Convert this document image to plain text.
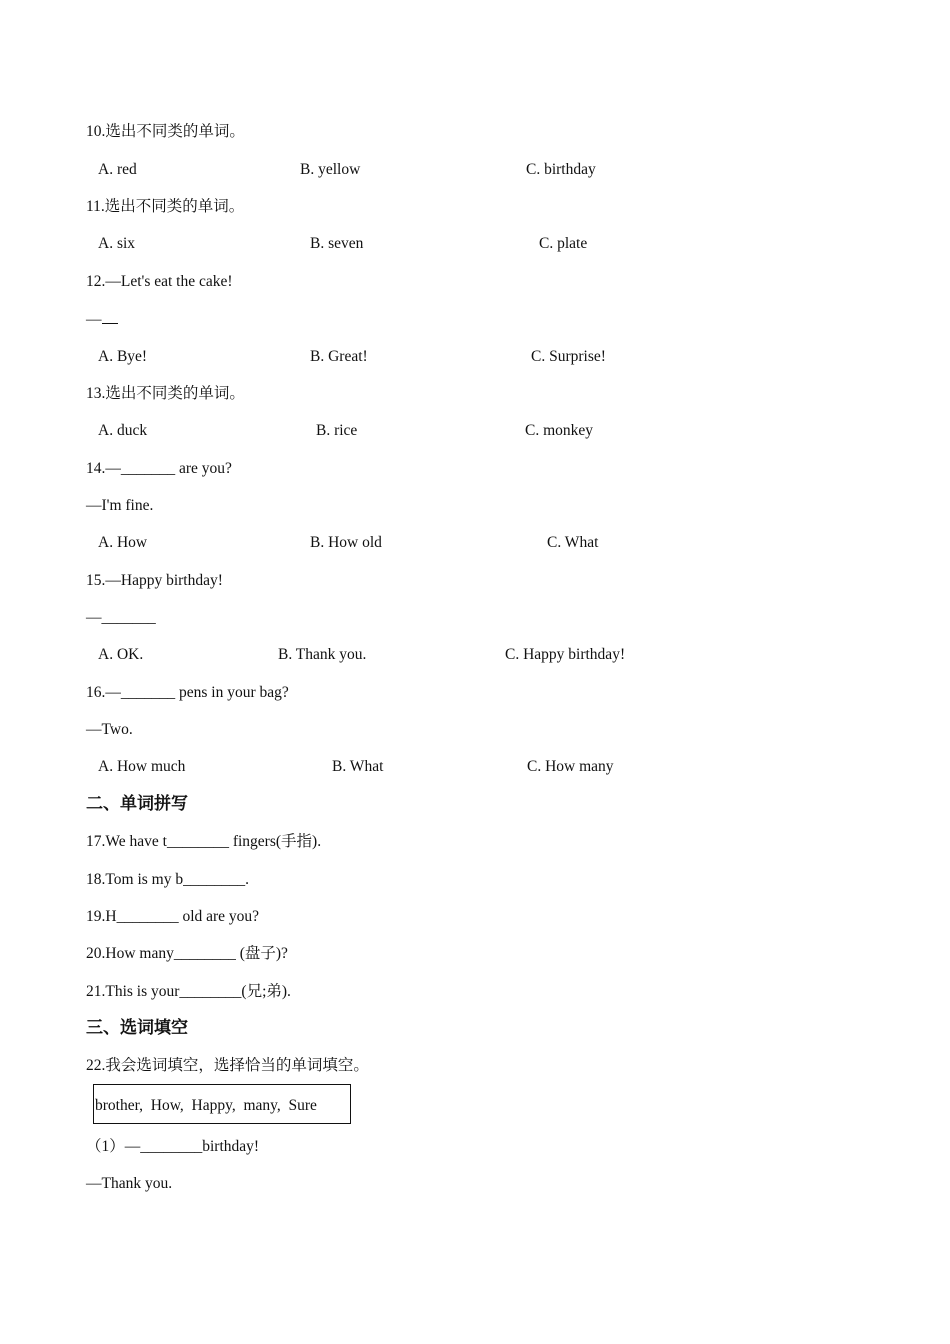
10.选出不同类的单词。
A. red	B. yellow	C. birthday
11.选出不同类的单词。
A. six	B. seven	C. plate
12.—Let's eat the cake!
—
A. Bye!	B. Great!	C. Surprise!
13.选出不同类的单词。
A. duck	B. rice	C. monkey
14.—_______ are you?
—I'm fine.
A. How	B. How old	C. What
15.—Happy birthday!
—_______
A. OK.	B. Thank you.	C. Happy birthday!
16.—_______ pens in your bag?
—Two.
A. How much	B. What	C. How many
二、单词拼写
17.We have t________ fingers(手指).
18.Tom is my b________.
19.H________ old are you?
20.How many________ (盘子)?
21.This is your________(兄;弟).
三、选词填空
22.我会选词填空，选择恰当的单词填空。
brother,  How,  Happy,  many,  Sure
（1）—________birthday!
—Thank you.
